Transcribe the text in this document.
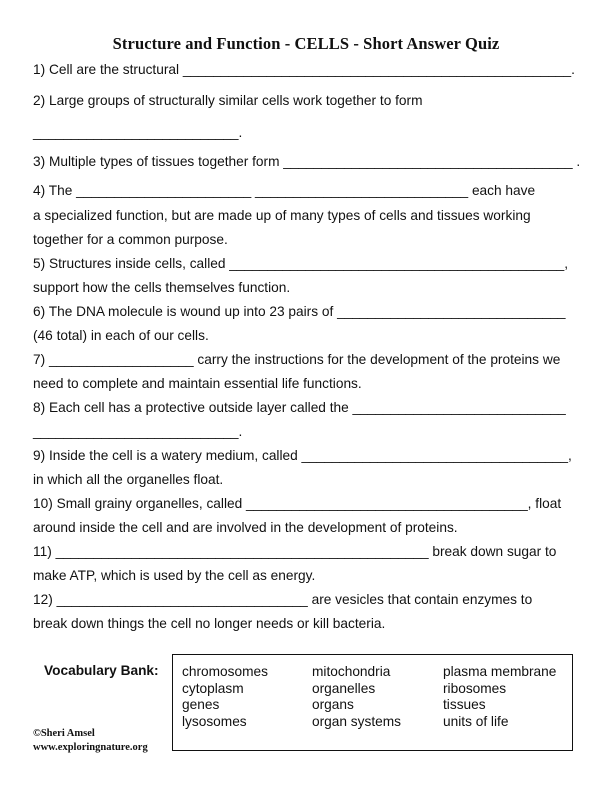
Structure and Function - CELLS - Short Answer Quiz
1) Cell are the structural ___________________________________________________.
2) Large groups of structurally similar cells work together to form
___________________________.
3) Multiple types of tissues together form ______________________________________ .
4) The _______________________ ____________________________ each have
a specialized function, but are made up of many types of cells and tissues working
together for a common purpose.
5) Structures inside cells, called ____________________________________________,
support how the cells themselves function.
6) The DNA molecule is wound up into 23 pairs of ______________________________
(46 total) in each of our cells.
7) ___________________ carry the instructions for the development of the proteins we
need to complete and maintain essential life functions.
8) Each cell has a protective outside layer called the ____________________________
___________________________.
9) Inside the cell is a watery medium, called ___________________________________,
in which all the organelles float.
10) Small grainy organelles, called _____________________________________, float
around inside the cell and are involved in the development of proteins.
11) _________________________________________________ break down sugar to
make ATP, which is used by the cell as energy.
12) _________________________________ are vesicles that contain enzymes to
break down things the cell no longer needs or kill bacteria.
Vocabulary Bank: chromosomes
cytoplasm
genes
lysosomes
mitochondria
organelles
organs
organ systems
plasma membrane
ribosomes
tissues
units of life
©Sheri Amsel
www.exploringnature.org
